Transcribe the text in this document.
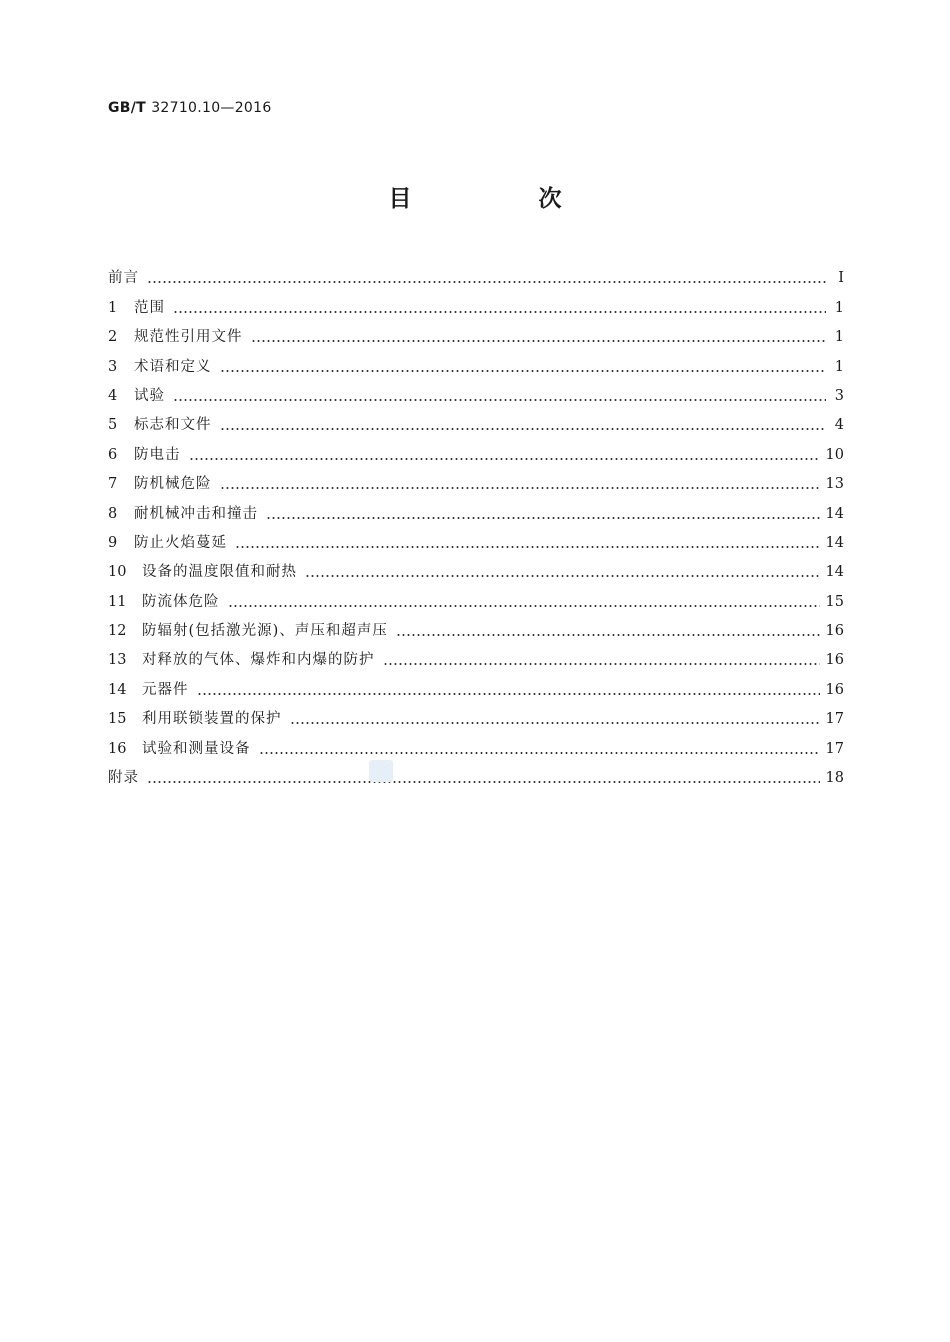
GB/T 32710.10—2016
目　次
前言	Ⅰ
1	范围	1
2	规范性引用文件	1
3	术语和定义	1
4	试验	3
5	标志和文件	4
6	防电击	10
7	防机械危险	13
8	耐机械冲击和撞击	14
9	防止火焰蔓延	14
10	设备的温度限值和耐热	14
11	防流体危险	15
12	防辐射(包括激光源)、声压和超声压	16
13	对释放的气体、爆炸和内爆的防护	16
14	元器件	16
15	利用联锁装置的保护	17
16	试验和测量设备	17
附录	18
